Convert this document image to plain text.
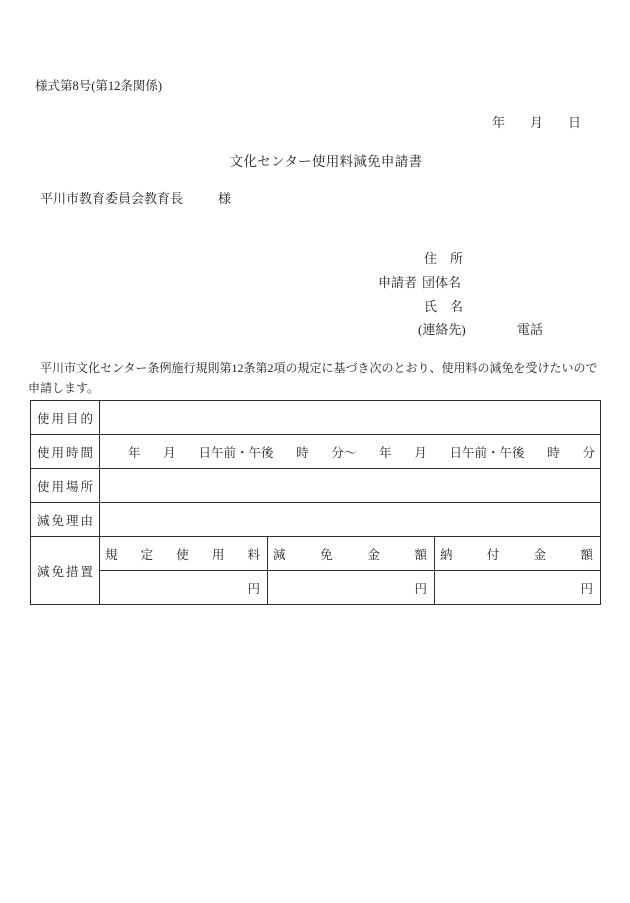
様式第8号(第12条関係)
年 月 日
文化センター使用料減免申請書
平川市教育委員会教育長	様
住　所
申請者 団体名
氏　名
(連絡先)	電話
　平川市文化センター条例施行規則第12条第2項の規定に基づき次のとおり、使用料の減免を受けたいので申請します。
使用目的			
使用時間	年 月 日午前・午後 時 分～ 年 月 日午前・午後 時 分

使用場所			
減免理由			
減免措置	規定使用料	減免金額	納付金額
	円	円	円
